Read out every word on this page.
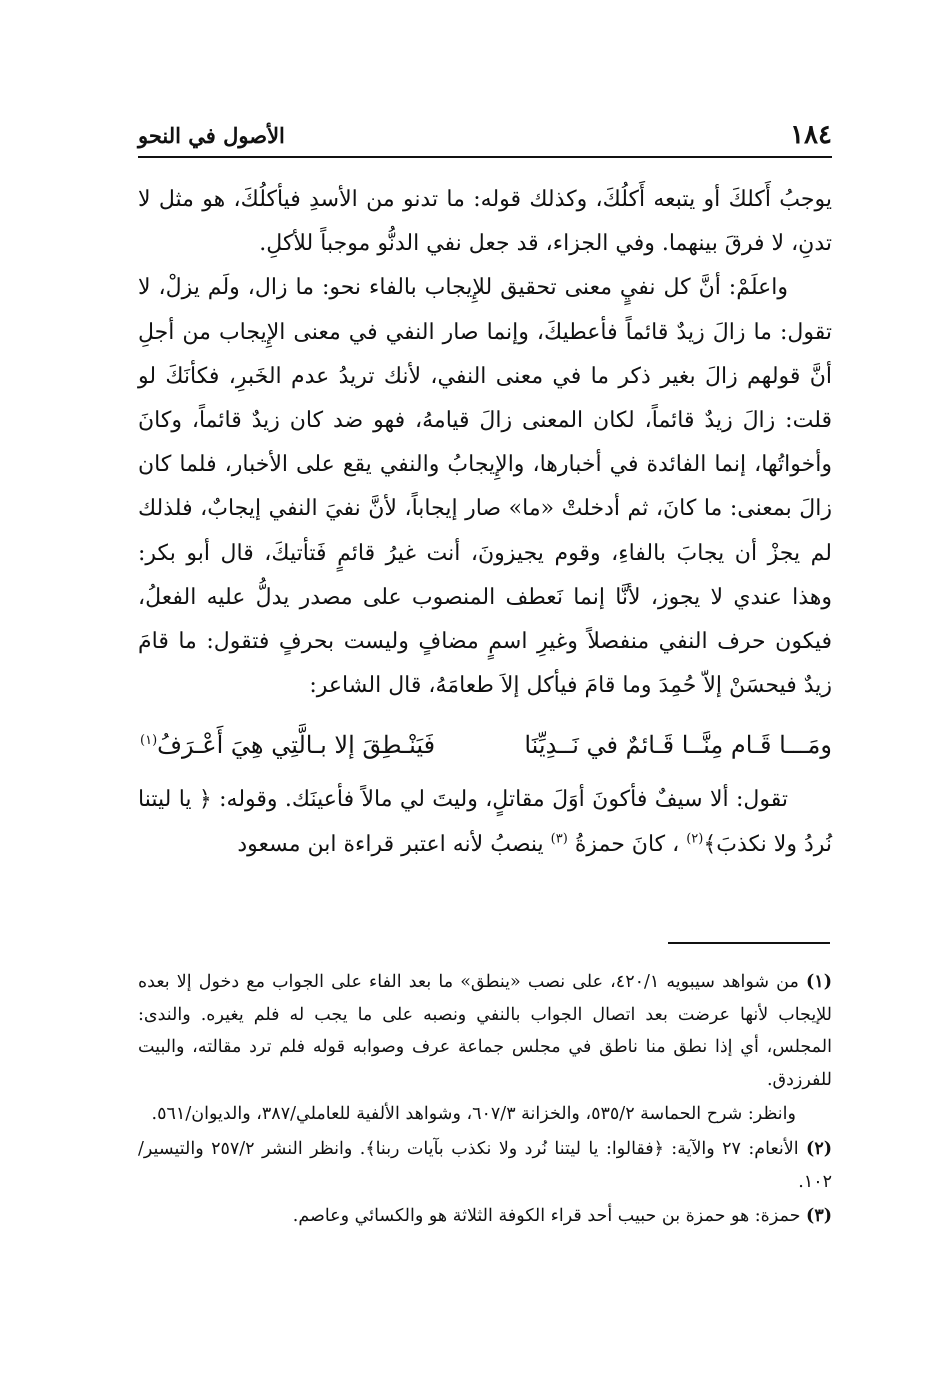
١٨٤
الأصول في النحو

يوجبُ أَكلكَ أو يتبعه أَكلُكَ، وكذلك قوله: ما تدنو من الأسدِ فيأكلُكَ، هو مثل لا تدنِ، لا فرقَ بينهما. وفي الجزاء، قد جعل نفي الدنُّو موجباً للأكلِ.

واعلَمْ: أنَّ كل نفيٍ معنى تحقيق للإِيجاب بالفاء نحو: ما زال، ولَم يزلْ، لا تقول: ما زالَ زيدٌ قائماً فأعطيكَ، وإنما صار النفي في معنى الإِيجاب من أجلِ أنَّ قولهم زالَ بغير ذكر ما في معنى النفي، لأنك تريدُ عدم الخَبرِ، فكأنَكَ لو قلت: زالَ زيدٌ قائماً، لكان المعنى زالَ قيامهُ، فهو ضد كان زيدٌ قائماً، وكانَ وأخواتُها، إنما الفائدة في أخبارها، والإِيجابُ والنفي يقع على الأخبار، فلما كان زالَ بمعنى: ما كانَ، ثم أدخلتْ «ما» صار إيجاباً، لأنَّ نفيَ النفي إيجابٌ، فلذلك لم يجزْ أن يجابَ بالفاءِ، وقوم يجيزونَ، أنت غيرُ قائمٍ فَتأتيكَ، قال أبو بكر: وهذا عندي لا يجوز، لأنَّا إنما نَعطف المنصوب على مصدر يدلُّ عليه الفعلُ، فيكون حرف النفي منفصلاً وغيرِ اسمٍ مضافٍ وليست بحرفٍ فتقول: ما قامَ زيدٌ فيحسَنْ إلاّ حُمِدَ وما قامَ فيأكل إلاَ طعامَهُ، قال الشاعر:

ومَـــا قَـام مِنَّــا قَـائمٌ في نَــدِيِّنَا
فَيَنْـطِقَ إلا بـالَّتِي هِيَ أَعْـرَفُ$^{(١)}$

تقول: ألا سيفٌ فأكونَ أوَلَ مقاتلٍ، وليتَ لي مالاً فأعينَك. وقوله: ﴿ يا ليتنا نُردُ ولا نكذبَ﴾$^{(٢)}$ ، كانَ حمزةُ $^{(٣)}$ ينصبُ لأنه اعتبر قراءة ابن مسعود

(١) من شواهد سيبويه ٤٢٠/١، على نصب «ينطق» ما بعد الفاء على الجواب مع دخول إلا بعده للإيجاب لأنها عرضت بعد اتصال الجواب بالنفي ونصبه على ما يجب له فلم يغيره. والندى: المجلس، أي إذا نطق منا ناطق في مجلس جماعة عرف وصوابه قوله فلم ترد مقالته، والبيت للفرزدق.

وانظر: شرح الحماسة ٥٣٥/٢، والخزانة ٦٠٧/٣، وشواهد الألفية للعاملي/٣٨٧، والديوان/٥٦١.

(٢) الأنعام: ٢٧ والآية: ﴿فقالوا: يا ليتنا نُرد ولا نكذب بآيات ربنا﴾. وانظر النشر ٢٥٧/٢ والتيسير/١٠٢.

(٣) حمزة: هو حمزة بن حبيب أحد قراء الكوفة الثلاثة هو والكسائي وعاصم.
